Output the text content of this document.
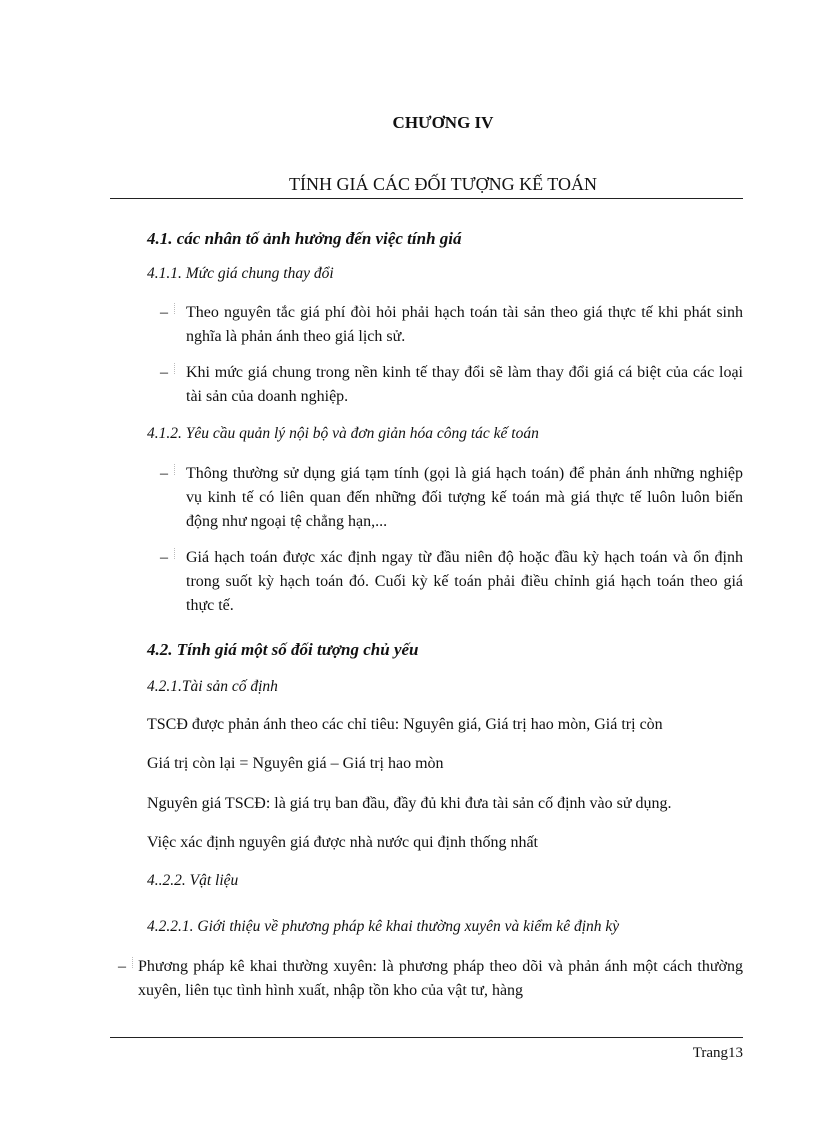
CHƯƠNG IV
TÍNH GIÁ CÁC ĐỐI TƯỢNG KẾ TOÁN
4.1. các nhân tố ảnh hưởng đến việc tính giá
4.1.1. Mức giá chung thay đổi
– Theo nguyên tắc giá phí đòi hỏi phải hạch toán tài sản theo giá thực tế khi phát sinh nghĩa là phản ánh theo giá lịch sử.
– Khi mức giá chung trong nền kinh tế thay đổi sẽ làm thay đổi giá cá biệt của các loại tài sản của doanh nghiệp.
4.1.2. Yêu cầu quản lý nội bộ và đơn giản hóa công tác kế toán
– Thông thường sử dụng giá tạm tính (gọi là giá hạch toán) để phản ánh những nghiệp vụ kinh tế có liên quan đến những đối tượng kế toán mà giá thực tế luôn luôn biến động như ngoại tệ chẳng hạn,...
– Giá hạch toán được xác định ngay từ đầu niên độ hoặc đầu kỳ hạch toán và ổn định trong suốt kỳ hạch toán đó. Cuối kỳ kế toán phải điều chỉnh giá hạch toán theo giá thực tế.
4.2. Tính giá một số đối tượng chủ yếu
4.2.1.Tài sản cố định
TSCĐ được phản ánh theo các chỉ tiêu: Nguyên giá, Giá trị hao mòn, Giá trị còn
Giá trị còn lại = Nguyên giá – Giá trị hao mòn
Nguyên giá TSCĐ: là giá trụ ban đầu, đầy đủ khi đưa tài sản cố định vào sử dụng.
Việc xác định nguyên giá được nhà nước qui định thống nhất
4..2.2. Vật liệu
4.2.2.1. Giới thiệu về phương pháp kê khai thường xuyên và kiểm kê định kỳ
– Phương pháp kê khai thường xuyên: là phương pháp theo dõi và phản ánh một cách thường xuyên, liên tục tình hình xuất, nhập tồn kho của vật tư, hàng
Trang13
